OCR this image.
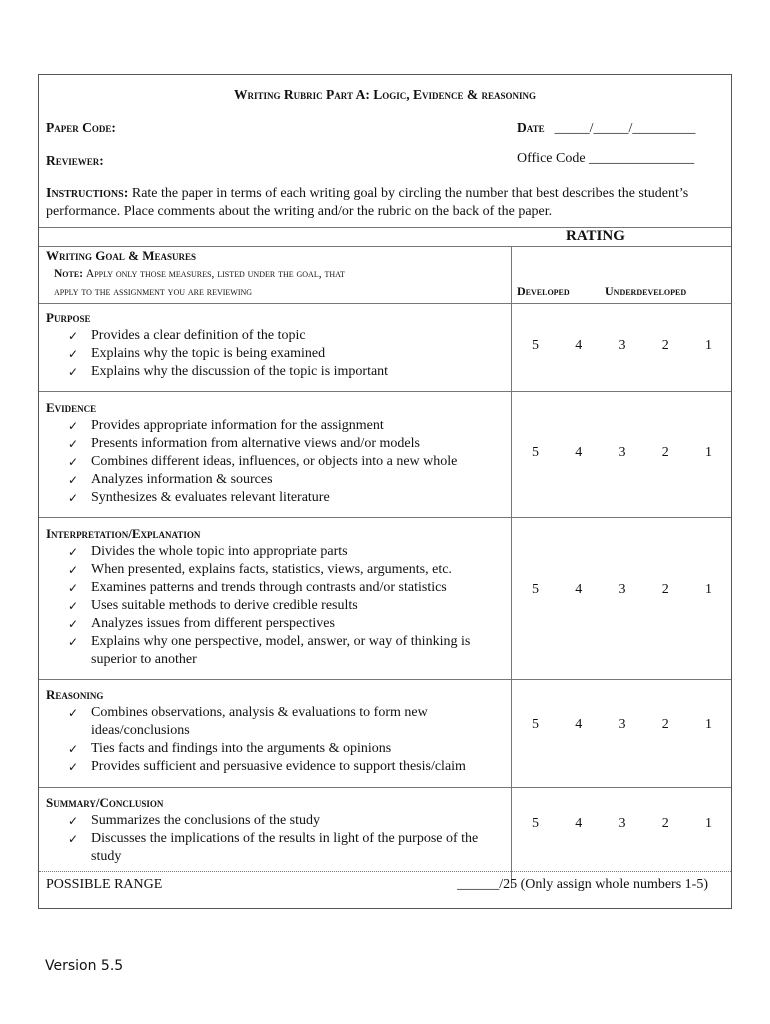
Writing Rubric Part A: Logic, Evidence & reasoning
Paper Code:	Date _____/_____/_________
Reviewer:	Office Code _______________
Instructions: Rate the paper in terms of each writing goal by circling the number that best describes the student’s performance. Place comments about the writing and/or the rubric on the back of the paper.
RATING
Writing Goal & Measures
Note: Apply only those measures, listed under the goal, that
apply to the assignment you are reviewing	Developed	Underdeveloped
Purpose
✓ Provides a clear definition of the topic
✓ Explains why the topic is being examined
✓ Explains why the discussion of the topic is important
5	4	3	2	1
Evidence
✓ Provides appropriate information for the assignment
✓ Presents information from alternative views and/or models
✓ Combines different ideas, influences, or objects into a new whole
✓ Analyzes information & sources
✓ Synthesizes & evaluates relevant literature
5	4	3	2	1
Interpretation/Explanation
✓ Divides the whole topic into appropriate parts
✓ When presented, explains facts, statistics, views, arguments, etc.
✓ Examines patterns and trends through contrasts and/or statistics
✓ Uses suitable methods to derive credible results
✓ Analyzes issues from different perspectives
✓ Explains why one perspective, model, answer, or way of thinking is superior to another
5	4	3	2	1
Reasoning
✓ Combines observations, analysis & evaluations to form new ideas/conclusions
✓ Ties facts and findings into the arguments & opinions
✓ Provides sufficient and persuasive evidence to support thesis/claim
5	4	3	2	1
Summary/Conclusion
✓ Summarizes the conclusions of the study
✓ Discusses the implications of the results in light of the purpose of the study
5	4	3	2	1
POSSIBLE RANGE	______/25 (Only assign whole numbers 1-5)
Version 5.5
